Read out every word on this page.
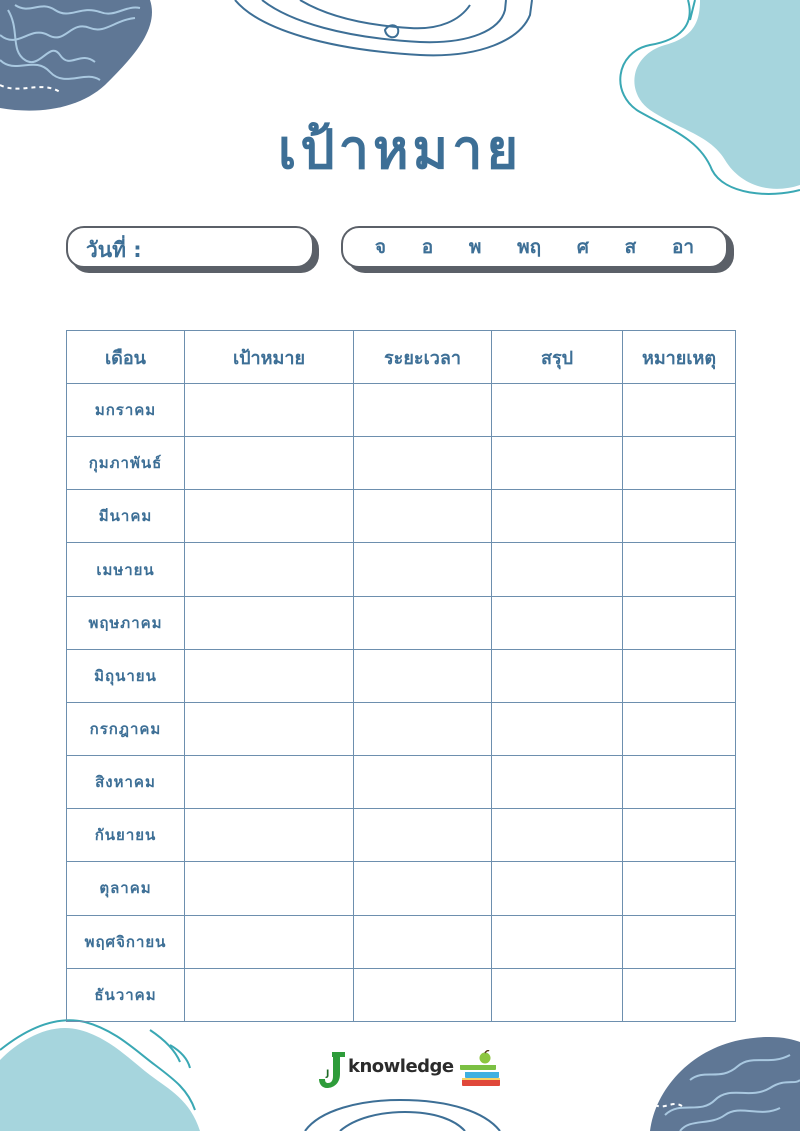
เป้าหมาย
วันที่ :	จ อ พ พฤ ศ ส อา
เดือน	เป้าหมาย	ระยะเวลา	สรุป	หมายเหตุ
มกราคม				
กุมภาพันธ์				
มีนาคม				
เมษายน				
พฤษภาคม				
มิถุนายน				
กรกฎาคม				
สิงหาคม				
กันยายน				
ตุลาคม				
พฤศจิกายน				
ธันวาคม				
J knowledge
